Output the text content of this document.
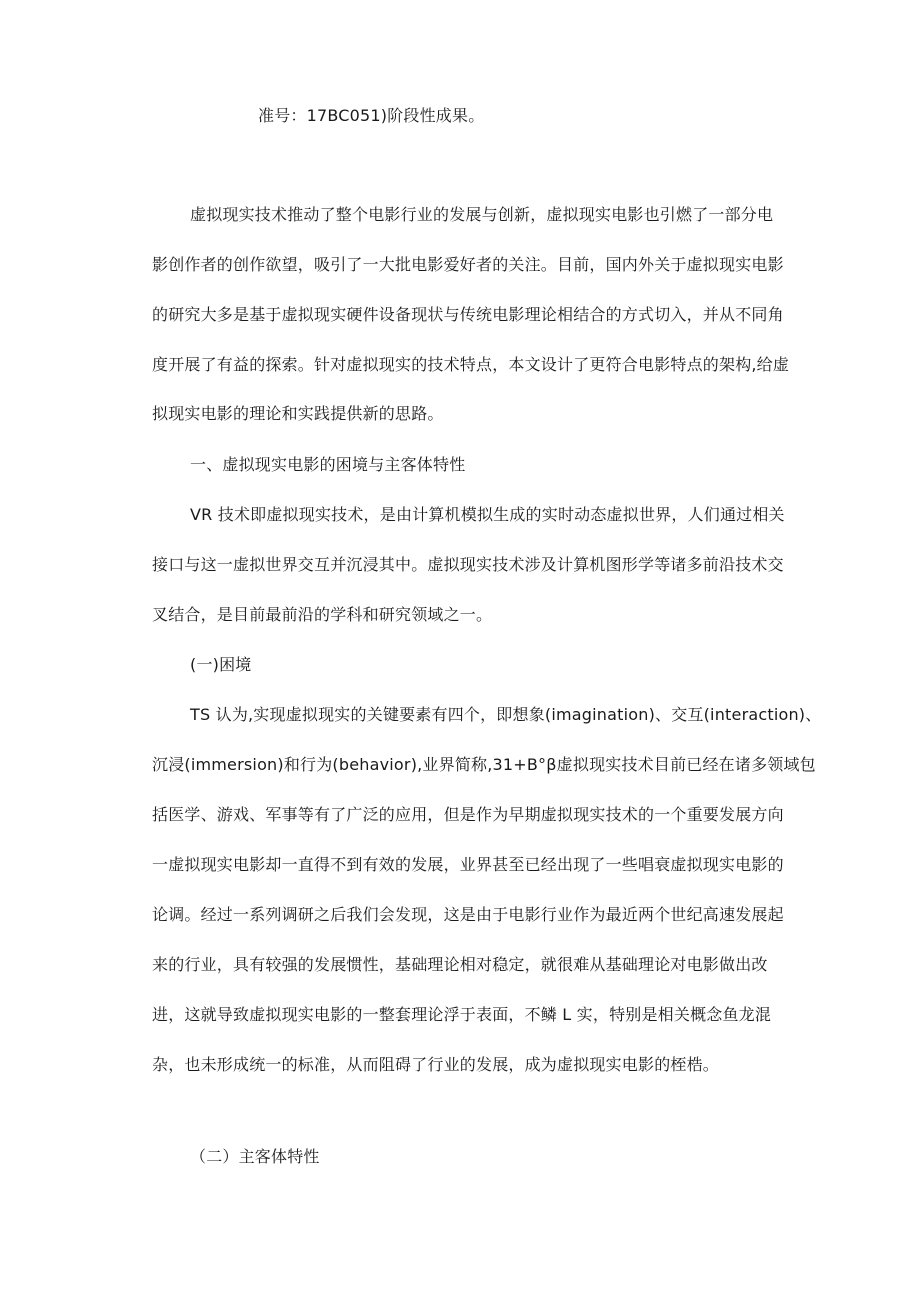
准号：17BC051)阶段性成果。
虚拟现实技术推动了整个电影行业的发展与创新，虚拟现实电影也引燃了一部分电
影创作者的创作欲望，吸引了一大批电影爱好者的关注。目前，国内外关于虚拟现实电影
的研究大多是基于虚拟现实硬件设备现状与传统电影理论相结合的方式切入，并从不同角
度开展了有益的探索。针对虚拟现实的技术特点，本文设计了更符合电影特点的架构,给虚
拟现实电影的理论和实践提供新的思路。
一、虚拟现实电影的困境与主客体特性
VR 技术即虚拟现实技术，是由计算机模拟生成的实时动态虚拟世界，人们通过相关
接口与这一虚拟世界交互并沉浸其中。虚拟现实技术涉及计算机图形学等诸多前沿技术交
叉结合，是目前最前沿的学科和研究领域之一。
(一)困境
TS 认为,实现虚拟现实的关键要素有四个，即想象(imagination)、交互(interaction)、
沉浸(immersion)和行为(behavior),业界简称,31+B°β虚拟现实技术目前已经在诸多领域包
括医学、游戏、军事等有了广泛的应用，但是作为早期虚拟现实技术的一个重要发展方向
一虚拟现实电影却一直得不到有效的发展，业界甚至已经出现了一些唱衰虚拟现实电影的
论调。经过一系列调研之后我们会发现，这是由于电影行业作为最近两个世纪高速发展起
来的行业，具有较强的发展惯性，基础理论相对稳定，就很难从基础理论对电影做出改
进，这就导致虚拟现实电影的一整套理论浮于表面，不鳞 L 实，特别是相关概念鱼龙混
杂，也未形成统一的标准，从而阻碍了行业的发展，成为虚拟现实电影的桎梏。
（二）主客体特性
